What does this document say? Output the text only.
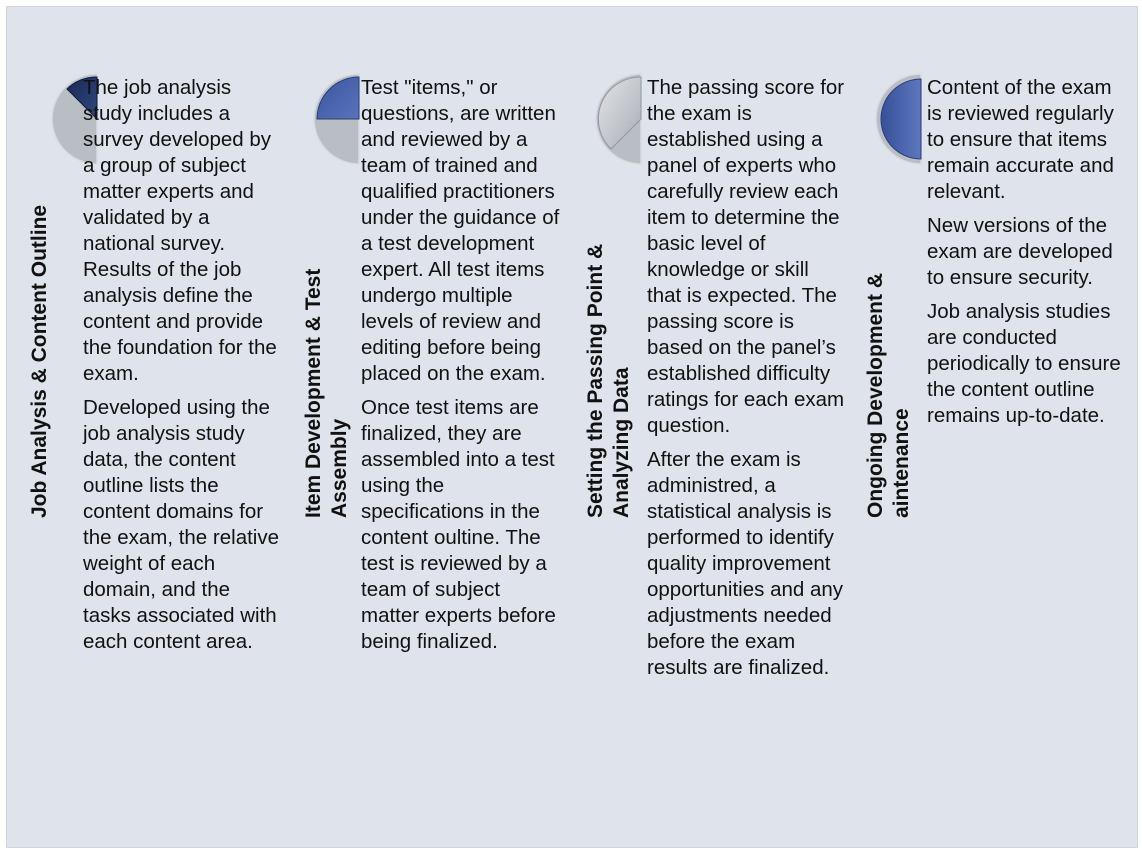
Job Analysis & Content Outline

The job analysis study includes a survey developed by a group of subject matter experts and validated by a national survey. Results of the job analysis define the content and provide the foundation for the exam.

Developed using the job analysis study data, the content outline lists the content domains for the exam, the relative weight of each domain, and the tasks associated with each content area.

Item Development & Test Assembly

Test "items," or questions, are written and reviewed by a team of trained and qualified practitioners under the guidance of a test development expert. All test items undergo multiple levels of review and editing before being placed on the exam.

Once test items are finalized, they are assembled into a test using the specifications in the content oultine. The test is reviewed by a team of subject matter experts before being finalized.

Setting the Passing Point & Analyzing Data

The passing score for the exam is established using a panel of experts who carefully review each item to determine the basic level of knowledge or skill that is expected. The passing score is based on the panel’s established difficulty ratings for each exam question.

After the exam is administred, a statistical analysis is performed to identify quality improvement opportunities and any adjustments needed before the exam results are finalized.

Ongoing Development & aintenance

Content of the exam is reviewed regularly to ensure that items remain accurate and relevant.

New versions of the exam are developed to ensure security.

Job analysis studies are conducted periodically to ensure the content outline remains up-to-date.
